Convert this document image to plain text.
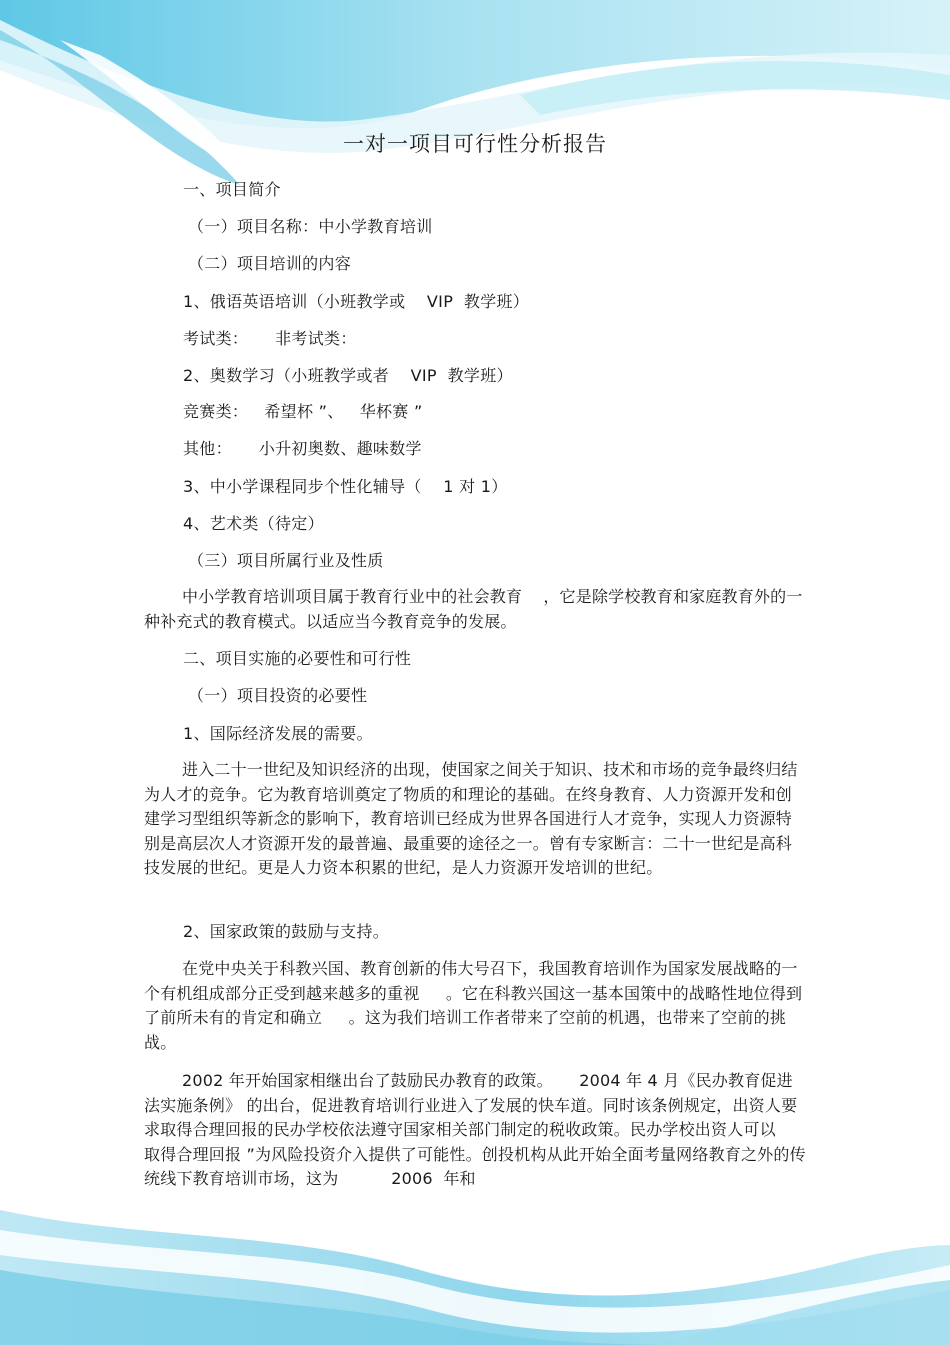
一对一项目可行性分析报告
一、项目简介
（一）项目名称：中小学教育培训
（二）项目培训的内容
1、俄语英语培训（小班教学或    VIP  教学班）
考试类：     非考试类：
2、奥数学习（小班教学或者    VIP  教学班）
竞赛类：   希望杯 ”、   华杯赛 ”
其他：     小升初奥数、趣味数学
3、中小学课程同步个性化辅导（    1 对 1）
4、艺术类（待定）
（三）项目所属行业及性质
中小学教育培训项目属于教育行业中的社会教育    ，它是除学校教育和家庭教育外的一种补充式的教育模式。以适应当今教育竞争的发展。
二、项目实施的必要性和可行性
（一）项目投资的必要性
1、国际经济发展的需要。
进入二十一世纪及知识经济的出现，使国家之间关于知识、技术和市场的竞争最终归结为人才的竞争。它为教育培训奠定了物质的和理论的基础。在终身教育、人力资源开发和创建学习型组织等新念的影响下，教育培训已经成为世界各国进行人才竞争，实现人力资源特别是高层次人才资源开发的最普遍、最重要的途径之一。曾有专家断言：二十一世纪是高科技发展的世纪。更是人力资本积累的世纪，是人力资源开发培训的世纪。
2、国家政策的鼓励与支持。
在党中央关于科教兴国、教育创新的伟大号召下，我国教育培训作为国家发展战略的一个有机组成部分正受到越来越多的重视     。它在科教兴国这一基本国策中的战略性地位得到了前所未有的肯定和确立     。这为我们培训工作者带来了空前的机遇，也带来了空前的挑战。
2002 年开始国家相继出台了鼓励民办教育的政策。     2004 年 4 月《民办教育促进法实施条例》 的出台，促进教育培训行业进入了发展的快车道。同时该条例规定，出资人要求取得合理回报的民办学校依法遵守国家相关部门制定的税收政策。民办学校出资人可以    取得合理回报 ”为风险投资介入提供了可能性。创投机构从此开始全面考量网络教育之外的传统线下教育培训市场，这为          2006  年和
